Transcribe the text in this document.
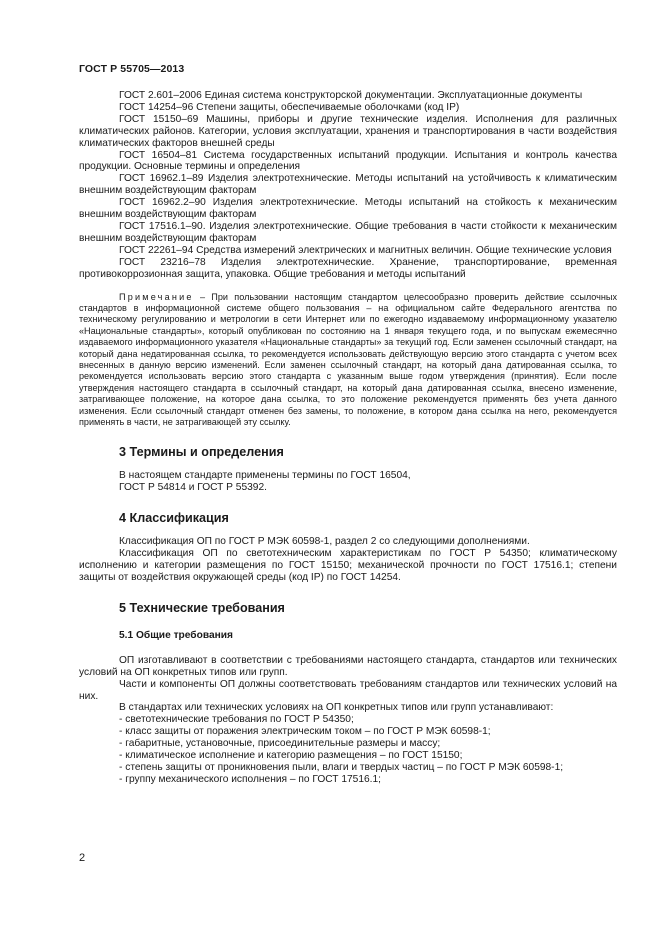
ГОСТ Р 55705—2013

ГОСТ 2.601–2006 Единая система конструкторской документации. Эксплуатационные документы

ГОСТ 14254–96 Степени защиты, обеспечиваемые оболочками (код IP)

ГОСТ 15150–69 Машины, приборы и другие технические изделия. Исполнения для различных климатических районов. Категории, условия эксплуатации, хранения и транспортирования в части воздействия климатических факторов внешней среды

ГОСТ 16504–81 Система государственных испытаний продукции. Испытания и контроль качества продукции. Основные термины и определения

ГОСТ 16962.1–89 Изделия электротехнические. Методы испытаний на устойчивость к климатическим внешним воздействующим факторам

ГОСТ 16962.2–90 Изделия электротехнические. Методы испытаний на стойкость к механическим внешним воздействующим факторам

ГОСТ 17516.1–90. Изделия электротехнические. Общие требования в части стойкости к механическим внешним воздействующим факторам

ГОСТ 22261–94 Средства измерений электрических и магнитных величин. Общие технические условия

ГОСТ 23216–78 Изделия электротехнические. Хранение, транспортирование, временная противокоррозионная защита, упаковка. Общие требования и методы испытаний

Примечание – При пользовании настоящим стандартом целесообразно проверить действие ссылочных стандартов в информационной системе общего пользования – на официальном сайте Федерального агентства по техническому регулированию и метрологии в сети Интернет или по ежегодно издаваемому информационному указателю «Национальные стандарты», который опубликован по состоянию на 1 января текущего года, и по выпускам ежемесячно издаваемого информационного указателя «Национальные стандарты» за текущий год. Если заменен ссылочный стандарт, на который дана недатированная ссылка, то рекомендуется использовать действующую версию этого стандарта с учетом всех внесенных в данную версию изменений. Если заменен ссылочный стандарт, на который дана датированная ссылка, то рекомендуется использовать версию этого стандарта с указанным выше годом утверждения (принятия). Если после утверждения настоящего стандарта в ссылочный стандарт, на который дана датированная ссылка, внесено изменение, затрагивающее положение, на которое дана ссылка, то это положение рекомендуется применять без учета данного изменения. Если ссылочный стандарт отменен без замены, то положение, в котором дана ссылка на него, рекомендуется применять в части, не затрагивающей эту ссылку.

3 Термины и определения

В настоящем стандарте применены термины по ГОСТ 16504,

ГОСТ Р 54814 и ГОСТ Р 55392.

4 Классификация

Классификация ОП по ГОСТ Р МЭК 60598-1, раздел 2 со следующими дополнениями.

Классификация ОП по светотехническим характеристикам по ГОСТ Р 54350; климатическому исполнению и категории размещения по ГОСТ 15150; механической прочности по ГОСТ 17516.1; степени защиты от воздействия окружающей среды (код IP) по ГОСТ 14254.

5 Технические требования
5.1 Общие требования

ОП изготавливают в соответствии с требованиями настоящего стандарта, стандартов или технических условий на ОП конкретных типов или групп.

Части и компоненты ОП должны соответствовать требованиям стандартов или технических условий на них.

В стандартах или технических условиях на ОП конкретных типов или групп устанавливают:

- светотехнические требования по ГОСТ Р 54350;

- класс защиты от поражения электрическим током – по ГОСТ Р МЭК 60598-1;

- габаритные, установочные, присоединительные размеры и массу;

- климатическое исполнение и категорию размещения – по ГОСТ 15150;

- степень защиты от проникновения пыли, влаги и твердых частиц – по ГОСТ Р МЭК 60598-1;

- группу механического исполнения – по ГОСТ 17516.1;

2
